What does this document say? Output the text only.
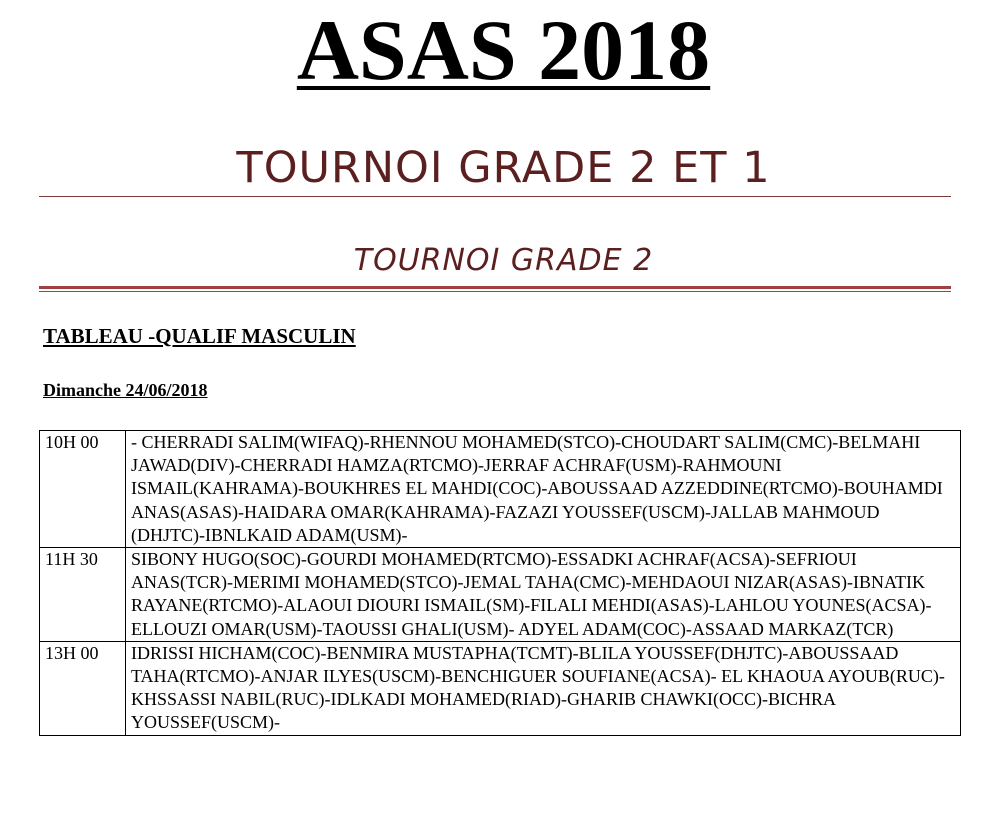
ASAS 2018
TOURNOI GRADE 2 ET 1
TOURNOI GRADE 2

TABLEAU -QUALIF MASCULIN

Dimanche 24/06/2018

10H 00	- CHERRADI SALIM(WIFAQ)-RHENNOU MOHAMED(STCO)-CHOUDART SALIM(CMC)-BELMAHI JAWAD(DIV)-CHERRADI HAMZA(RTCMO)-JERRAF ACHRAF(USM)-RAHMOUNI ISMAIL(KAHRAMA)-BOUKHRES EL MAHDI(COC)-ABOUSSAAD AZZEDDINE(RTCMO)-BOUHAMDI ANAS(ASAS)-HAIDARA OMAR(KAHRAMA)-FAZAZI YOUSSEF(USCM)-JALLAB MAHMOUD (DHJTC)-IBNLKAID ADAM(USM)-
11H 30	SIBONY HUGO(SOC)-GOURDI MOHAMED(RTCMO)-ESSADKI ACHRAF(ACSA)-SEFRIOUI ANAS(TCR)-MERIMI MOHAMED(STCO)-JEMAL TAHA(CMC)-MEHDAOUI NIZAR(ASAS)-IBNATIK RAYANE(RTCMO)-ALAOUI DIOURI ISMAIL(SM)-FILALI MEHDI(ASAS)-LAHLOU YOUNES(ACSA)-ELLOUZI OMAR(USM)-TAOUSSI GHALI(USM)- ADYEL ADAM(COC)-ASSAAD MARKAZ(TCR)
13H 00	IDRISSI HICHAM(COC)-BENMIRA MUSTAPHA(TCMT)-BLILA YOUSSEF(DHJTC)-ABOUSSAAD TAHA(RTCMO)-ANJAR ILYES(USCM)-BENCHIGUER SOUFIANE(ACSA)- EL KHAOUA AYOUB(RUC)-KHSSASSI NABIL(RUC)-IDLKADI MOHAMED(RIAD)-GHARIB CHAWKI(OCC)-BICHRA YOUSSEF(USCM)-
